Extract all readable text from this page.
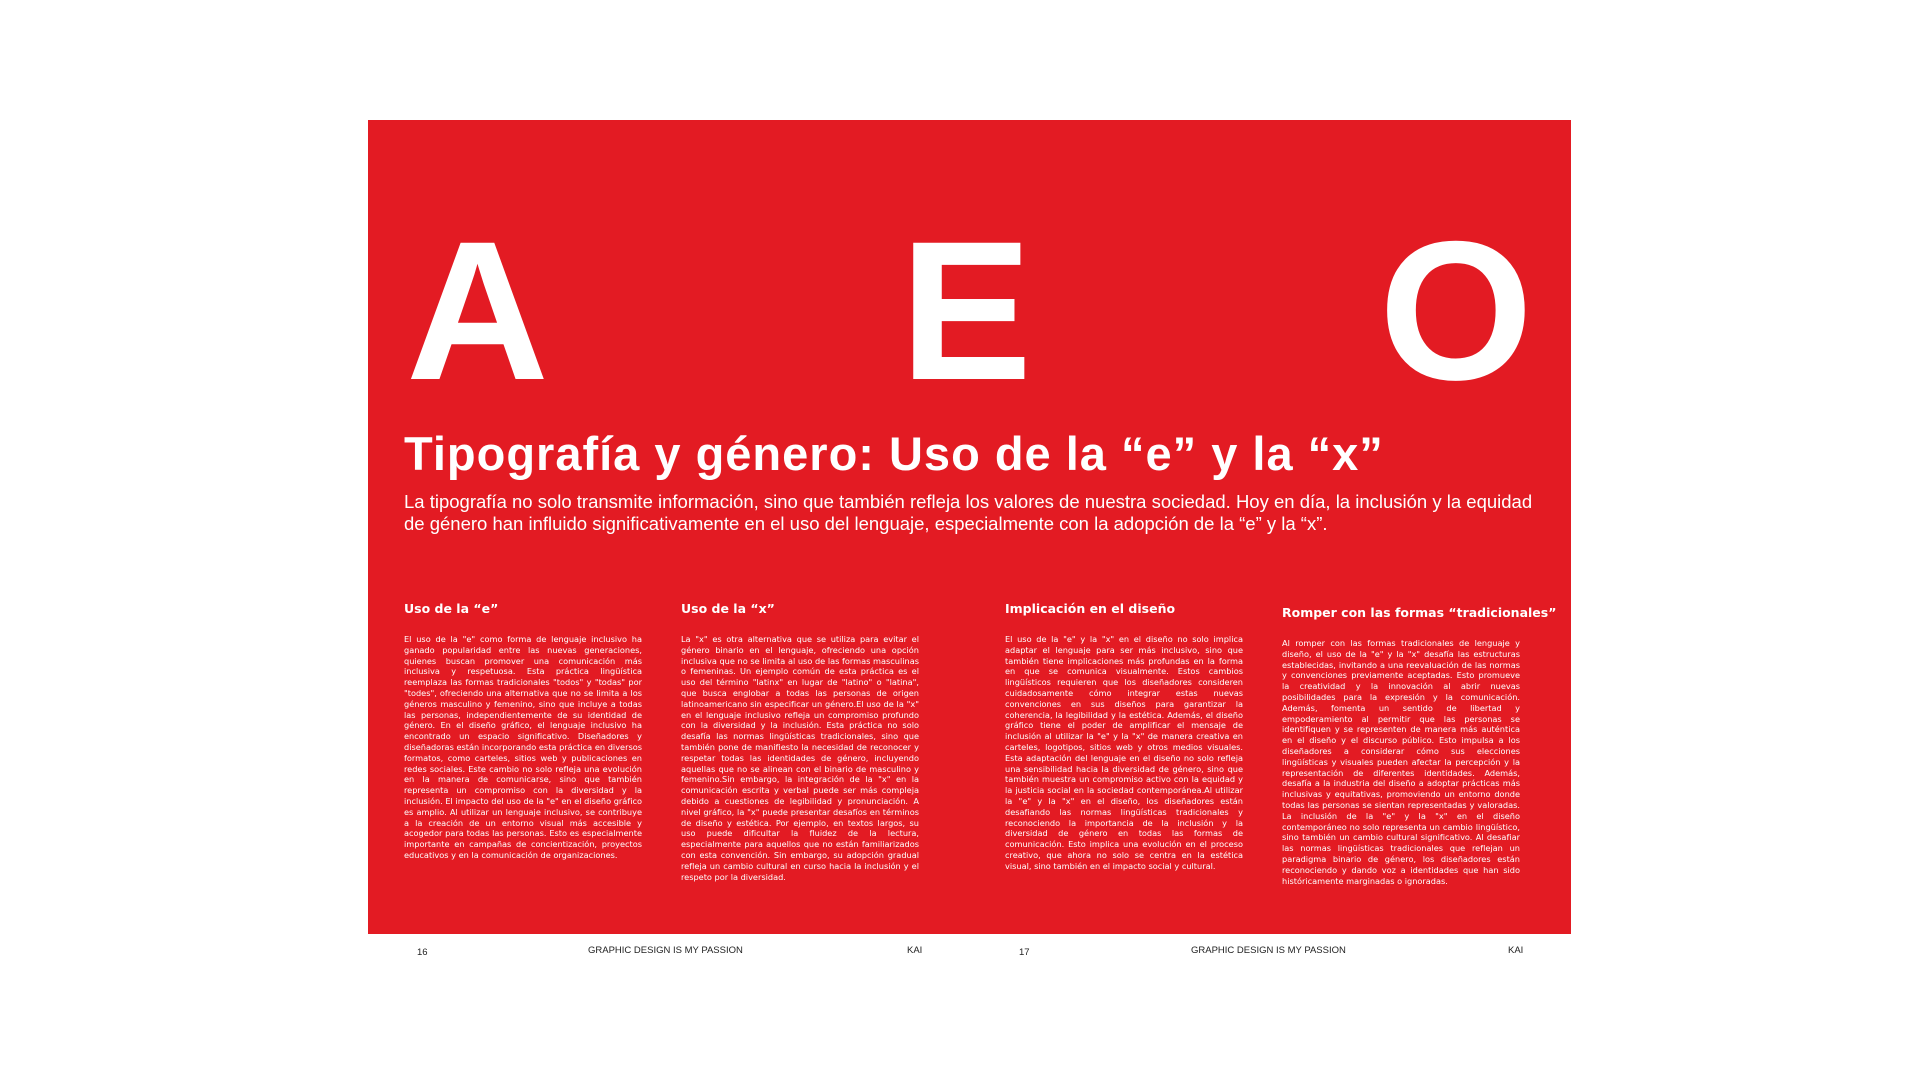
A E O
Tipografía y género: Uso de la “e” y la “x”

La tipografía no solo transmite información, sino que también refleja los valores de nuestra sociedad. Hoy en día, la inclusión y la equidad de género han influido significativamente en el uso del lenguaje, especialmente con la adopción de la “e” y la “x”.

Uso de la “e”

El uso de la "e" como forma de lenguaje inclusivo ha ganado popularidad entre las nuevas generaciones, quienes buscan promover una comunicación más inclusiva y respetuosa. Esta práctica lingüística reemplaza las formas tradicionales "todos" y "todas" por "todes", ofreciendo una alternativa que no se limita a los géneros masculino y femenino, sino que incluye a todas las personas, independientemente de su identidad de género. En el diseño gráfico, el lenguaje inclusivo ha encontrado un espacio significativo. Diseñadores y diseñadoras están incorporando esta práctica en diversos formatos, como carteles, sitios web y publicaciones en redes sociales. Este cambio no solo refleja una evolución en la manera de comunicarse, sino que también representa un compromiso con la diversidad y la inclusión. El impacto del uso de la "e" en el diseño gráfico es amplio. Al utilizar un lenguaje inclusivo, se contribuye a la creación de un entorno visual más accesible y acogedor para todas las personas. Esto es especialmente importante en campañas de concientización, proyectos educativos y en la comunicación de organizaciones.

Uso de la “x”

La "x" es otra alternativa que se utiliza para evitar el género binario en el lenguaje, ofreciendo una opción inclusiva que no se limita al uso de las formas masculinas o femeninas. Un ejemplo común de esta práctica es el uso del término "latinx" en lugar de "latino" o "latina", que busca englobar a todas las personas de origen latinoamericano sin especificar un género.El uso de la "x" en el lenguaje inclusivo refleja un compromiso profundo con la diversidad y la inclusión. Esta práctica no solo desafía las normas lingüísticas tradicionales, sino que también pone de manifiesto la necesidad de reconocer y respetar todas las identidades de género, incluyendo aquellas que no se alinean con el binario de masculino y femenino.Sin embargo, la integración de la "x" en la comunicación escrita y verbal puede ser más compleja debido a cuestiones de legibilidad y pronunciación. A nivel gráfico, la "x" puede presentar desafíos en términos de diseño y estética. Por ejemplo, en textos largos, su uso puede dificultar la fluidez de la lectura, especialmente para aquellos que no están familiarizados con esta convención. Sin embargo, su adopción gradual refleja un cambio cultural en curso hacia la inclusión y el respeto por la diversidad.

Implicación en el diseño

El uso de la "e" y la "x" en el diseño no solo implica adaptar el lenguaje para ser más inclusivo, sino que también tiene implicaciones más profundas en la forma en que se comunica visualmente. Estos cambios lingüísticos requieren que los diseñadores consideren cuidadosamente cómo integrar estas nuevas convenciones en sus diseños para garantizar la coherencia, la legibilidad y la estética. Además, el diseño gráfico tiene el poder de amplificar el mensaje de inclusión al utilizar la "e" y la "x" de manera creativa en carteles, logotipos, sitios web y otros medios visuales. Esta adaptación del lenguaje en el diseño no solo refleja una sensibilidad hacia la diversidad de género, sino que también muestra un compromiso activo con la equidad y la justicia social en la sociedad contemporánea.Al utilizar la "e" y la "x" en el diseño, los diseñadores están desafiando las normas lingüísticas tradicionales y reconociendo la importancia de la inclusión y la diversidad de género en todas las formas de comunicación. Esto implica una evolución en el proceso creativo, que ahora no solo se centra en la estética visual, sino también en el impacto social y cultural.

Romper con las formas “tradicionales”

Al romper con las formas tradicionales de lenguaje y diseño, el uso de la "e" y la "x" desafía las estructuras establecidas, invitando a una reevaluación de las normas y convenciones previamente aceptadas. Esto promueve la creatividad y la innovación al abrir nuevas posibilidades para la expresión y la comunicación. Además, fomenta un sentido de libertad y empoderamiento al permitir que las personas se identifiquen y se representen de manera más auténtica en el diseño y el discurso público. Esto impulsa a los diseñadores a considerar cómo sus elecciones lingüísticas y visuales pueden afectar la percepción y la representación de diferentes identidades. Además, desafía a la industria del diseño a adoptar prácticas más inclusivas y equitativas, promoviendo un entorno donde todas las personas se sientan representadas y valoradas. La inclusión de la "e" y la "x" en el diseño contemporáneo no solo representa un cambio lingüístico, sino también un cambio cultural significativo. Al desafiar las normas lingüísticas tradicionales que reflejan un paradigma binario de género, los diseñadores están reconociendo y dando voz a identidades que han sido históricamente marginadas o ignoradas.

16	GRAPHIC DESIGN IS MY PASSION	KAI	17	GRAPHIC DESIGN IS MY PASSION	KAI
